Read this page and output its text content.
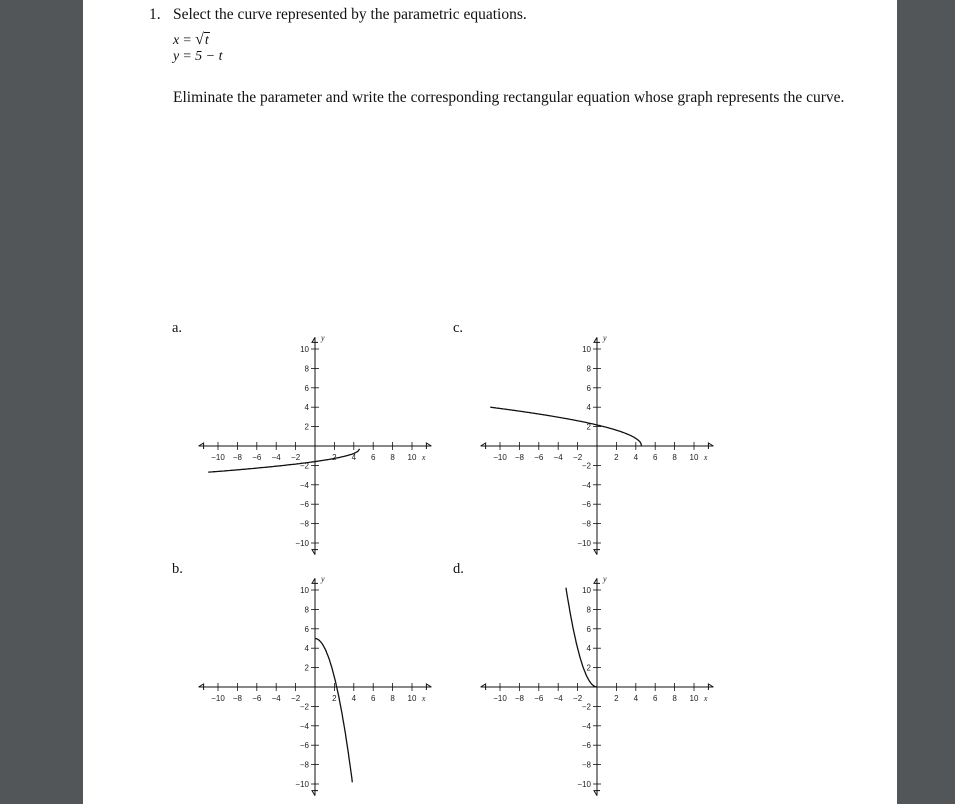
1. Select the curve represented by the parametric equations.
x = √t
y = 5 − t
Eliminate the parameter and write the corresponding rectangular equation whose graph represents the curve.
a.	c.
b.	d.
−10 −8 −6 −4 −2	2 4 6 8 10
10
8
6
4
2
−2
−4
−6
−8
−10
x
y
−10 −8 −6 −4 −2	2 4 6 8 10
10
8
6
4
2
−2
−4
−6
−8
−10
x
y
−10 −8 −6 −4 −2	2 4 6 8 10
10
8
6
4
2
−2
−4
−6
−8
−10
x
y
−10 −8 −6 −4 −2	2 4 6 8 10
10
8
6
4
2
−2
−4
−6
−8
−10
x
y
